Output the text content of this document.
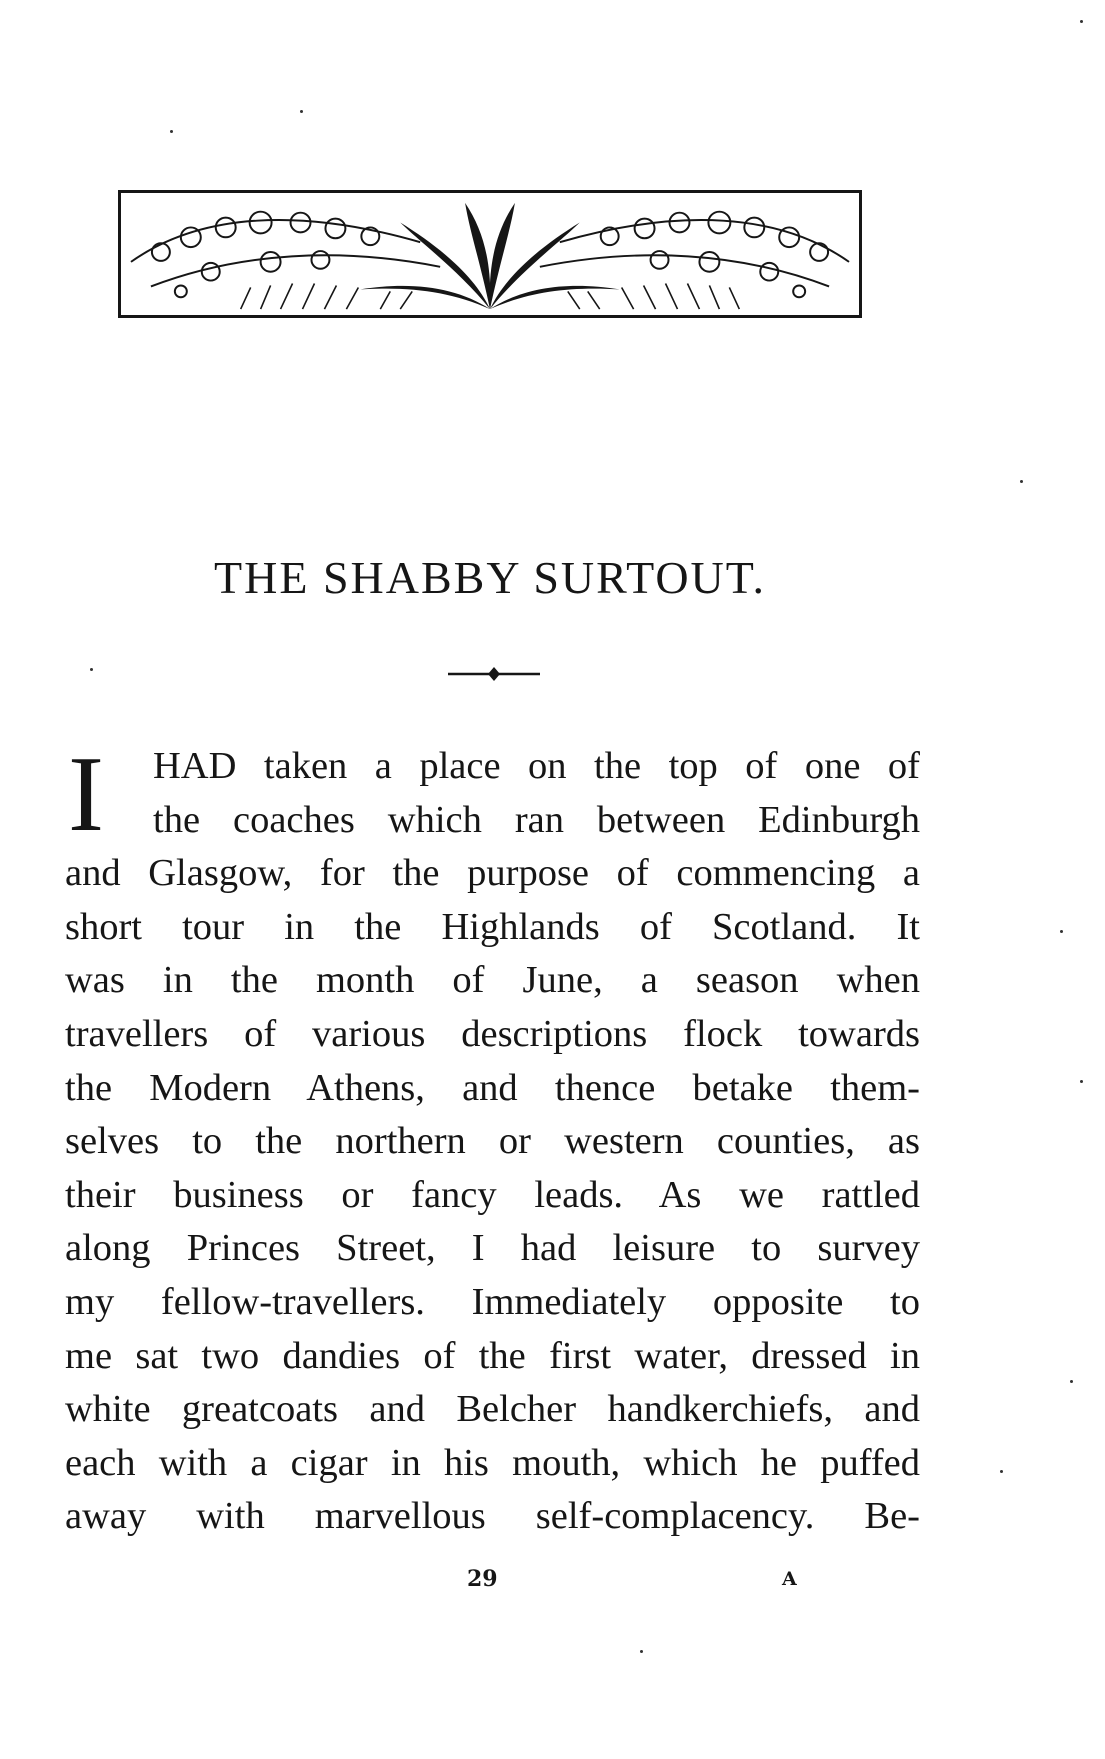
THE SHABBY SURTOUT.
I	HAD taken a place on the top of one of
the coaches which ran between Edinburgh
and Glasgow, for the purpose of commencing a
short tour in the Highlands of Scotland. It
was in the month of June, a season when
travellers of various descriptions flock towards
the Modern Athens, and thence betake them-
selves to the northern or western counties, as
their business or fancy leads. As we rattled
along Princes Street, I had leisure to survey
my fellow-travellers. Immediately opposite to
me sat two dandies of the first water, dressed in
white greatcoats and Belcher handkerchiefs, and
each with a cigar in his mouth, which he puffed
away with marvellous self-complacency. Be-
29	A
